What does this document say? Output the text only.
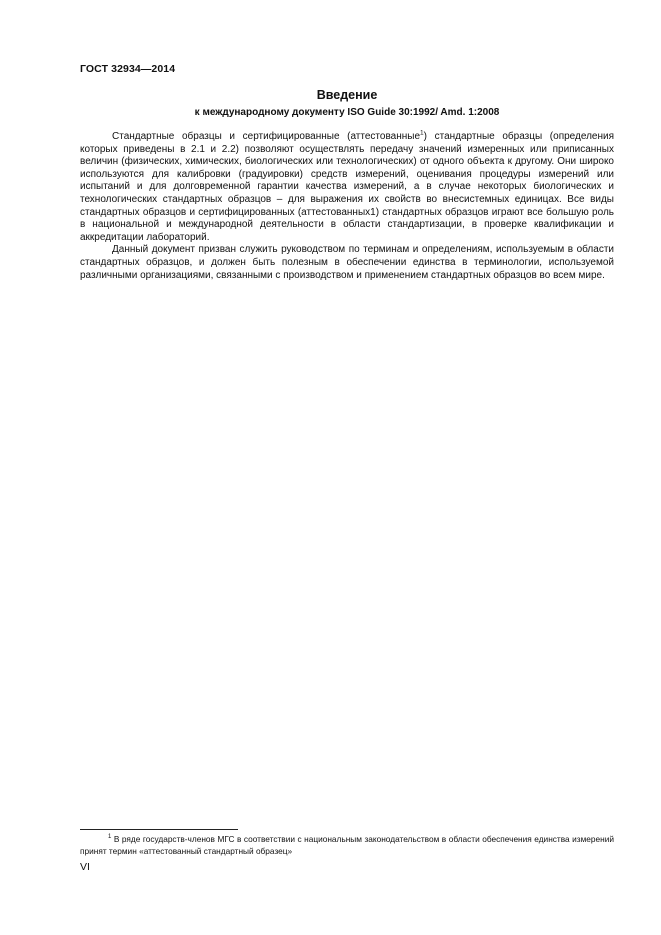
ГОСТ 32934—2014
Введение
к международному документу ISO Guide 30:1992/ Amd. 1:2008

Стандартные образцы и сертифицированные (аттестованные$^1$) стандартные образцы (определения которых приведены в 2.1 и 2.2) позволяют осуществлять передачу значений измеренных или приписанных величин (физических, химических, биологических или технологических) от одного объекта к другому. Они широко используются для калибровки (градуировки) средств измерений, оценивания процедуры измерений или испытаний и для долговременной гарантии качества измерений, а в случае некоторых биологических и технологических стандартных образцов – для выражения их свойств во внесистемных единицах. Все виды стандартных образцов и сертифицированных (аттестованных1) стандартных образцов играют все большую роль в национальной и международной деятельности в области стандартизации, в проверке квалификации и аккредитации лабораторий.

Данный документ призван служить руководством по терминам и определениям, используемым в области стандартных образцов, и должен быть полезным в обеспечении единства в терминологии, используемой различными организациями, связанными с производством и применением стандартных образцов во всем мире.

$^1$ В ряде государств-членов МГС в соответствии с национальным законодательством в области обеспечения единства измерений принят термин «аттестованный стандартный образец»

VI
